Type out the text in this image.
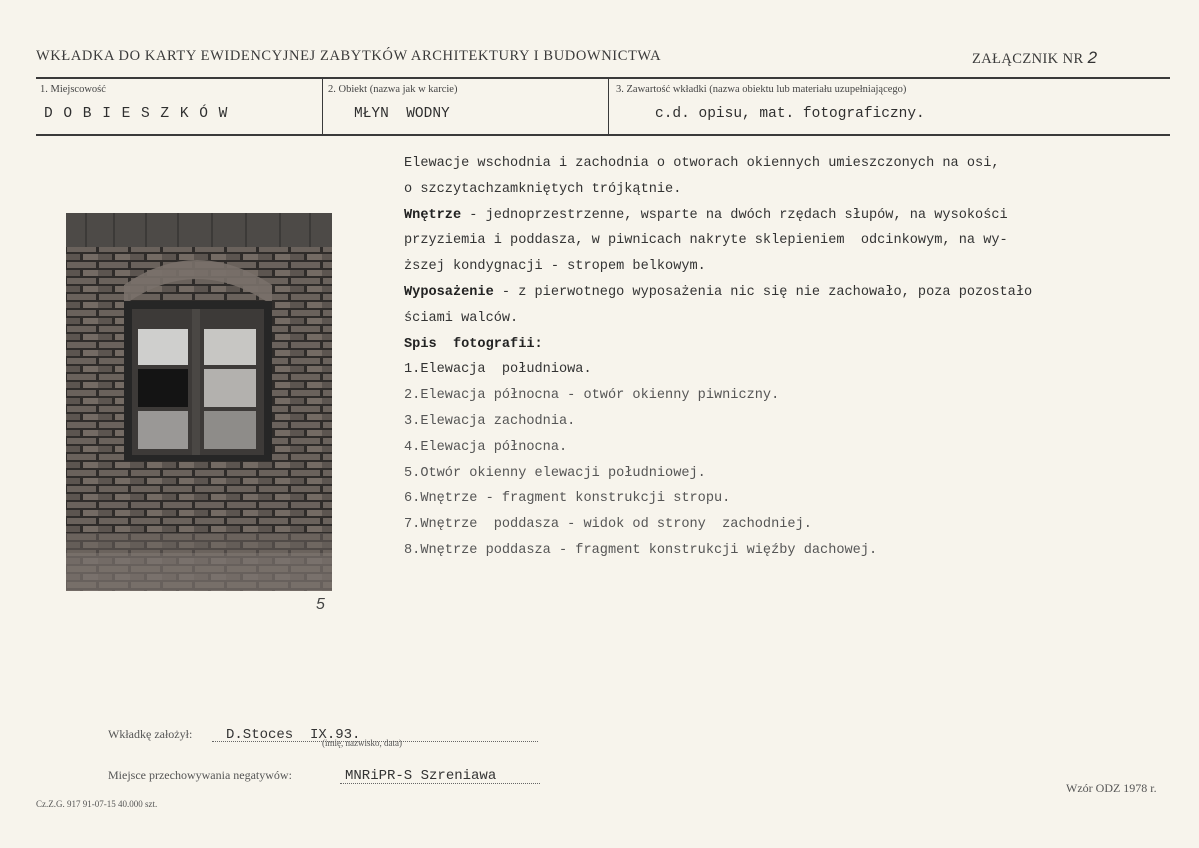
WKŁADKA DO KARTY EWIDENCYJNEJ ZABYTKÓW ARCHITEKTURY I BUDOWNICTWA	ZAŁĄCZNIK NR 2
1. Miejscowość
D O B I E S Z K Ó W
2. Obiekt (nazwa jak w karcie)
MŁYN  WODNY
3. Zawartość wkładki (nazwa obiektu lub materiału uzupełniającego)
c.d. opisu, mat. fotograficzny.
5
Elewacje wschodnia i zachodnia o otworach okiennych umieszczonych na osi,
o szczytachzamkniętych trójkątnie.
Wnętrze - jednoprzestrzenne, wsparte na dwóch rzędach słupów, na wysokości
przyziemia i poddasza, w piwnicach nakryte sklepieniem  odcinkowym, na wy-
ższej kondygnacji - stropem belkowym.
Wyposażenie - z pierwotnego wyposażenia nic się nie zachowało, poza pozostało
ściami walców.
Spis  fotografii:
1.Elewacja  południowa.
2.Elewacja północna - otwór okienny piwniczny.
3.Elewacja zachodnia.
4.Elewacja północna.
5.Otwór okienny elewacji południowej.
6.Wnętrze - fragment konstrukcji stropu.
7.Wnętrze  poddasza - widok od strony  zachodniej.
8.Wnętrze poddasza - fragment konstrukcji więźby dachowej.
Wkładkę założył: D.Stoces  IX.93.
(imię, nazwisko, data)
Miejsce przechowywania negatywów:	MNRiPR-S Szreniawa
Cz.Z.G. 917 91-07-15 40.000 szt.
Wzór ODZ 1978 r.
